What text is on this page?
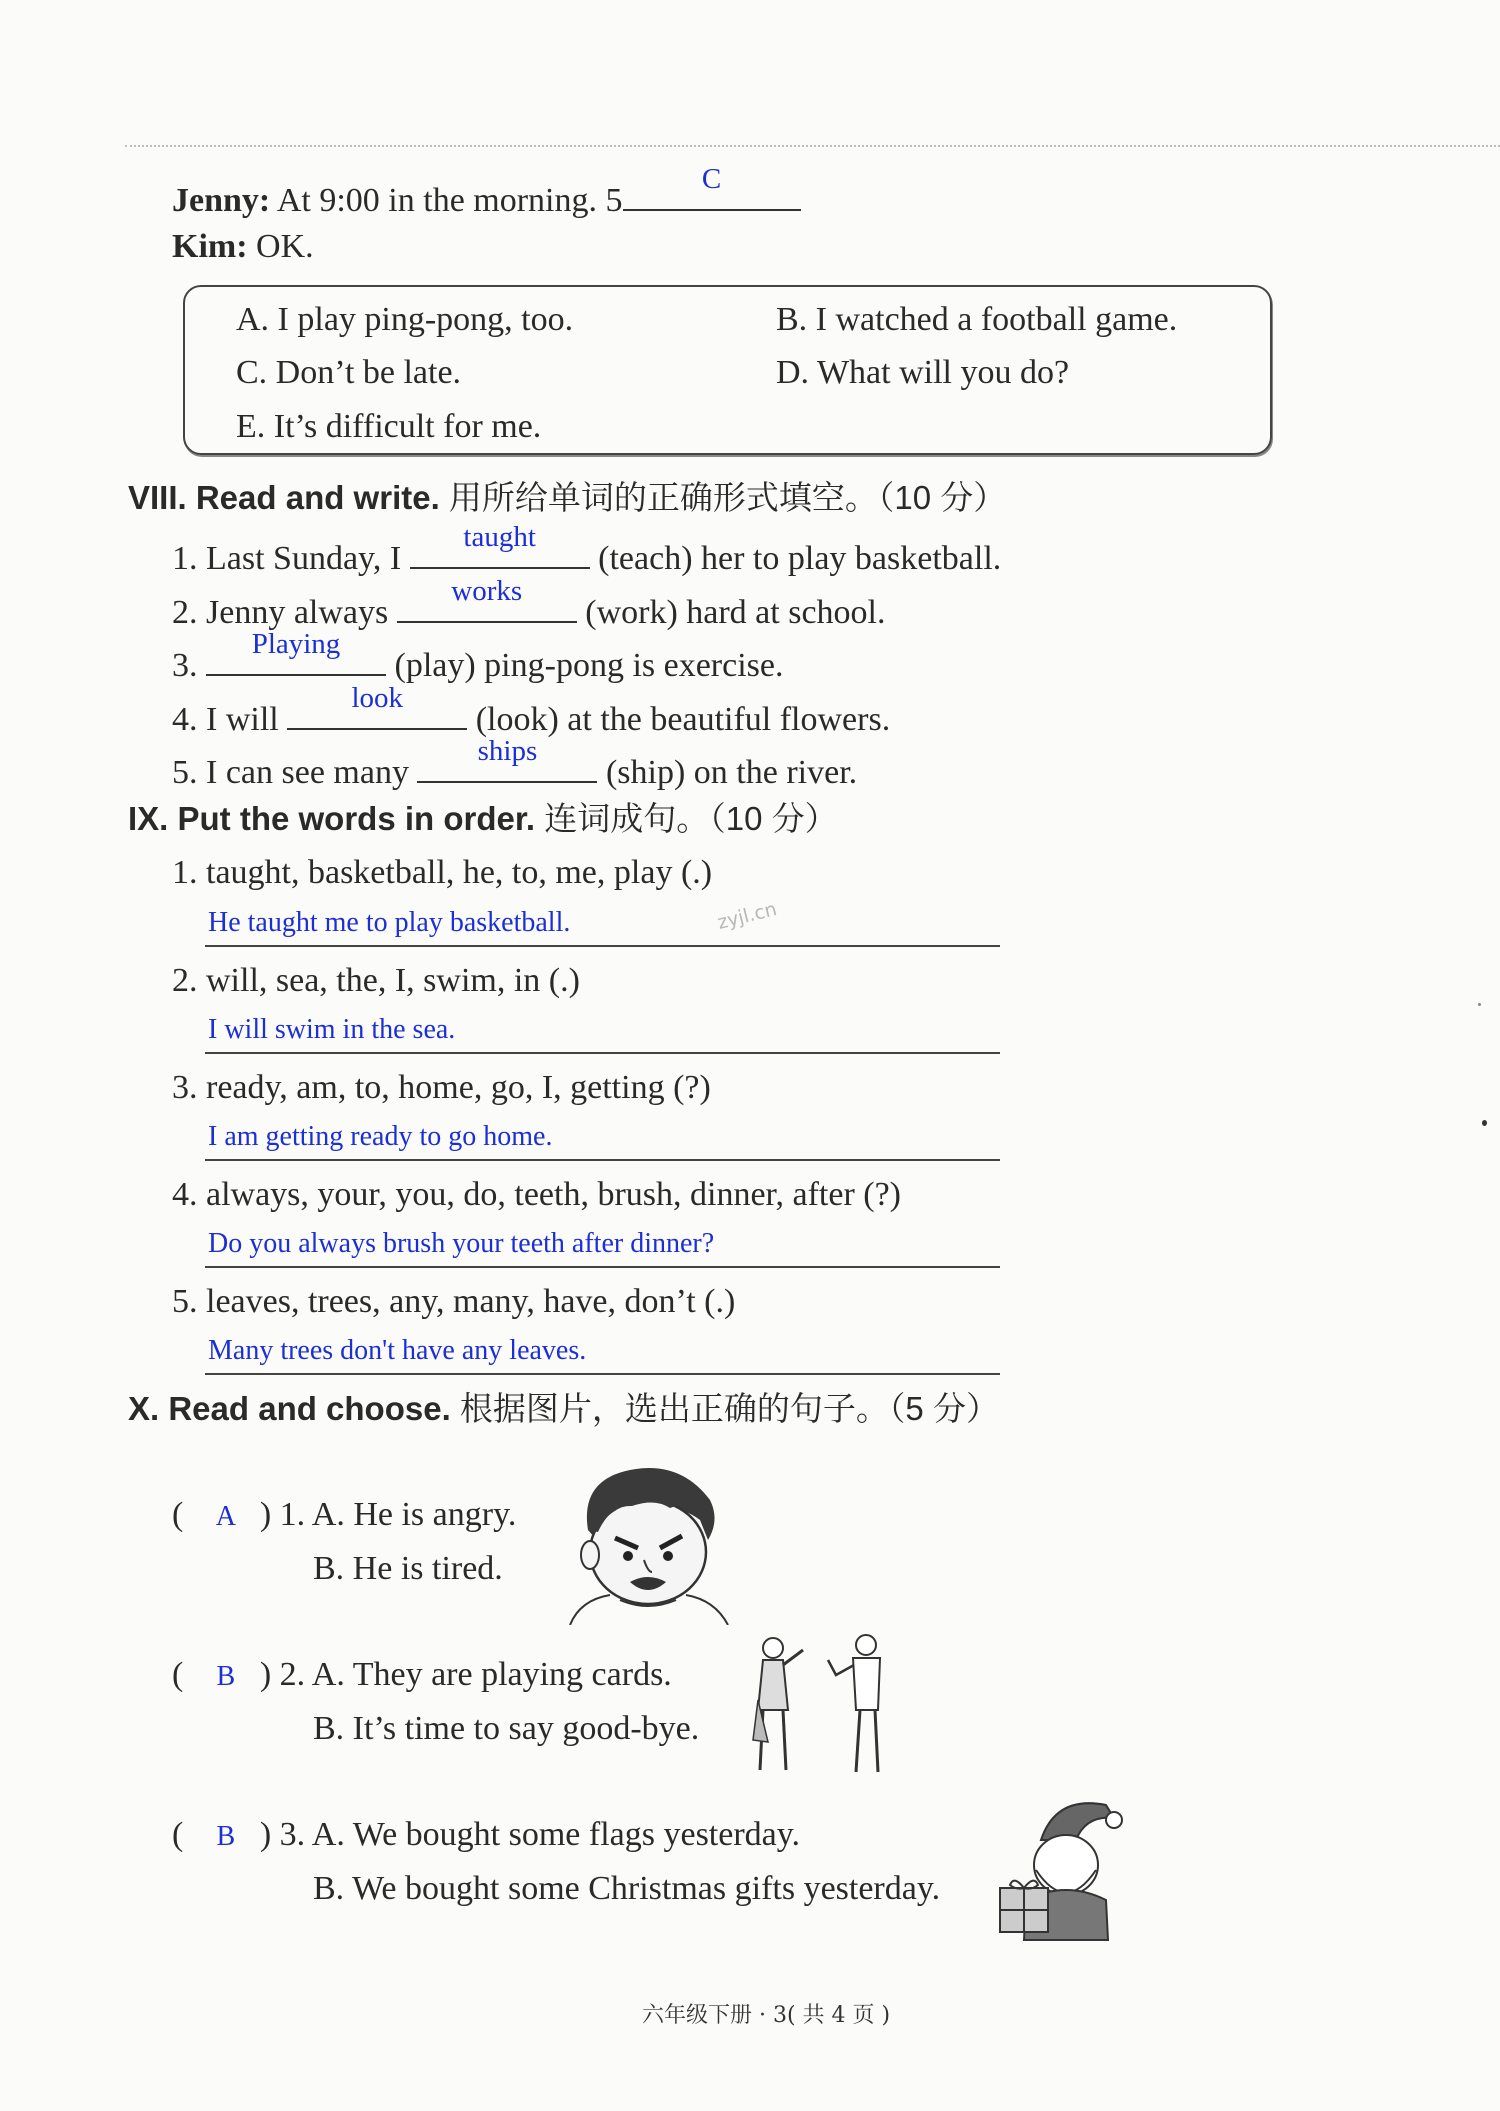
Jenny: At 9:00 in the morning. 5
C
Kim: OK.
A. I play ping-pong, too.	B. I watched a football game.
C. Don’t be late.	D. What will you do?
E. It’s difficult for me.
VIII. Read and write. 用所给单词的正确形式填空。（10 分）
1. Last Sunday, I
taught
(teach) her to play basketball.
2. Jenny always
works
(work) hard at school.
3.
Playing
(play) ping-pong is exercise.
4. I will
look
(look) at the beautiful flowers.
5. I can see many
ships
(ship) on the river.
IX. Put the words in order. 连词成句。（10 分）
1. taught, basketball, he, to, me, play (.)
He taught me to play basketball.	zyjl.cn
2. will, sea, the, I, swim, in (.)
I will swim in the sea.
3. ready, am, to, home, go, I, getting (?)
I am getting ready to go home.
4. always, your, you, do, teeth, brush, dinner, after (?)
Do you always brush your teeth after dinner?
5. leaves, trees, any, many, have, don’t (.)
Many trees don't have any leaves.
X. Read and choose. 根据图片，选出正确的句子。（5 分）
( A ) 1. A. He is angry.
B. He is tired.
( B ) 2. A. They are playing cards.
B. It’s time to say good-bye.
( B ) 3. A. We bought some flags yesterday.
B. We bought some Christmas gifts yesterday.
六年级下册 · 3( 共 4 页 )
